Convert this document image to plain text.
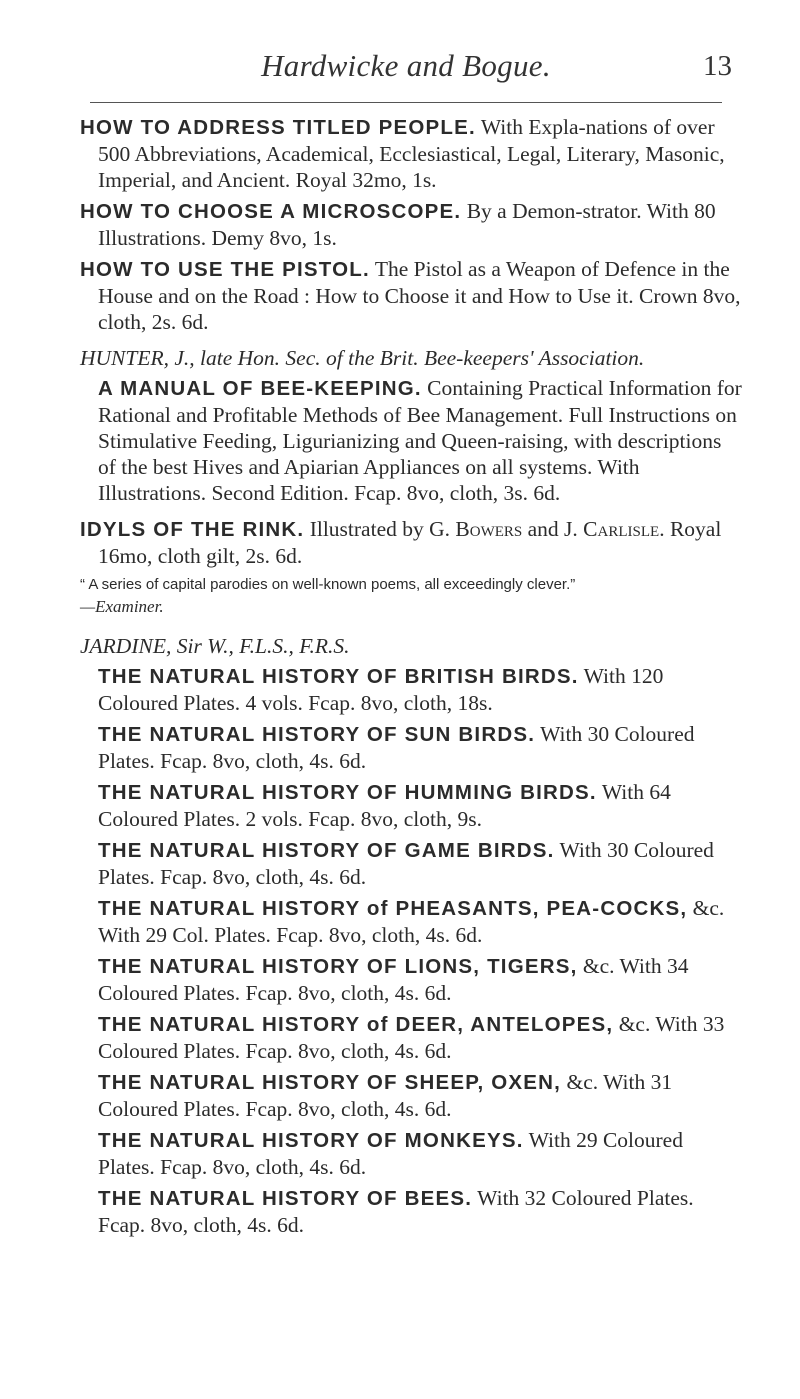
Hardwicke and Bogue.	13
HOW TO ADDRESS TITLED PEOPLE. With Expla-nations of over 500 Abbreviations, Academical, Ecclesiastical, Legal, Literary, Masonic, Imperial, and Ancient. Royal 32mo, 1s.
HOW TO CHOOSE A MICROSCOPE. By a Demon-strator. With 80 Illustrations. Demy 8vo, 1s.
HOW TO USE THE PISTOL. The Pistol as a Weapon of Defence in the House and on the Road : How to Choose it and How to Use it. Crown 8vo, cloth, 2s. 6d.
HUNTER, J., late Hon. Sec. of the Brit. Bee-keepers' Association.
A MANUAL OF BEE-KEEPING. Containing Practical Information for Rational and Profitable Methods of Bee Management. Full Instructions on Stimulative Feeding, Ligurianizing and Queen-raising, with descriptions of the best Hives and Apiarian Appliances on all systems. With Illustrations. Second Edition. Fcap. 8vo, cloth, 3s. 6d.
IDYLS OF THE RINK. Illustrated by G. Bowers and J. Carlisle. Royal 16mo, cloth gilt, 2s. 6d.
“ A series of capital parodies on well-known poems, all exceedingly clever.”
—Examiner.
JARDINE, Sir W., F.L.S., F.R.S.
THE NATURAL HISTORY OF BRITISH BIRDS. With 120 Coloured Plates. 4 vols. Fcap. 8vo, cloth, 18s.
THE NATURAL HISTORY OF SUN BIRDS. With 30 Coloured Plates. Fcap. 8vo, cloth, 4s. 6d.
THE NATURAL HISTORY OF HUMMING BIRDS. With 64 Coloured Plates. 2 vols. Fcap. 8vo, cloth, 9s.
THE NATURAL HISTORY OF GAME BIRDS. With 30 Coloured Plates. Fcap. 8vo, cloth, 4s. 6d.
THE NATURAL HISTORY of PHEASANTS, PEA-COCKS, &c. With 29 Col. Plates. Fcap. 8vo, cloth, 4s. 6d.
THE NATURAL HISTORY OF LIONS, TIGERS, &c. With 34 Coloured Plates. Fcap. 8vo, cloth, 4s. 6d.
THE NATURAL HISTORY of DEER, ANTELOPES, &c. With 33 Coloured Plates. Fcap. 8vo, cloth, 4s. 6d.
THE NATURAL HISTORY OF SHEEP, OXEN, &c. With 31 Coloured Plates. Fcap. 8vo, cloth, 4s. 6d.
THE NATURAL HISTORY OF MONKEYS. With 29 Coloured Plates. Fcap. 8vo, cloth, 4s. 6d.
THE NATURAL HISTORY OF BEES. With 32 Coloured Plates. Fcap. 8vo, cloth, 4s. 6d.
